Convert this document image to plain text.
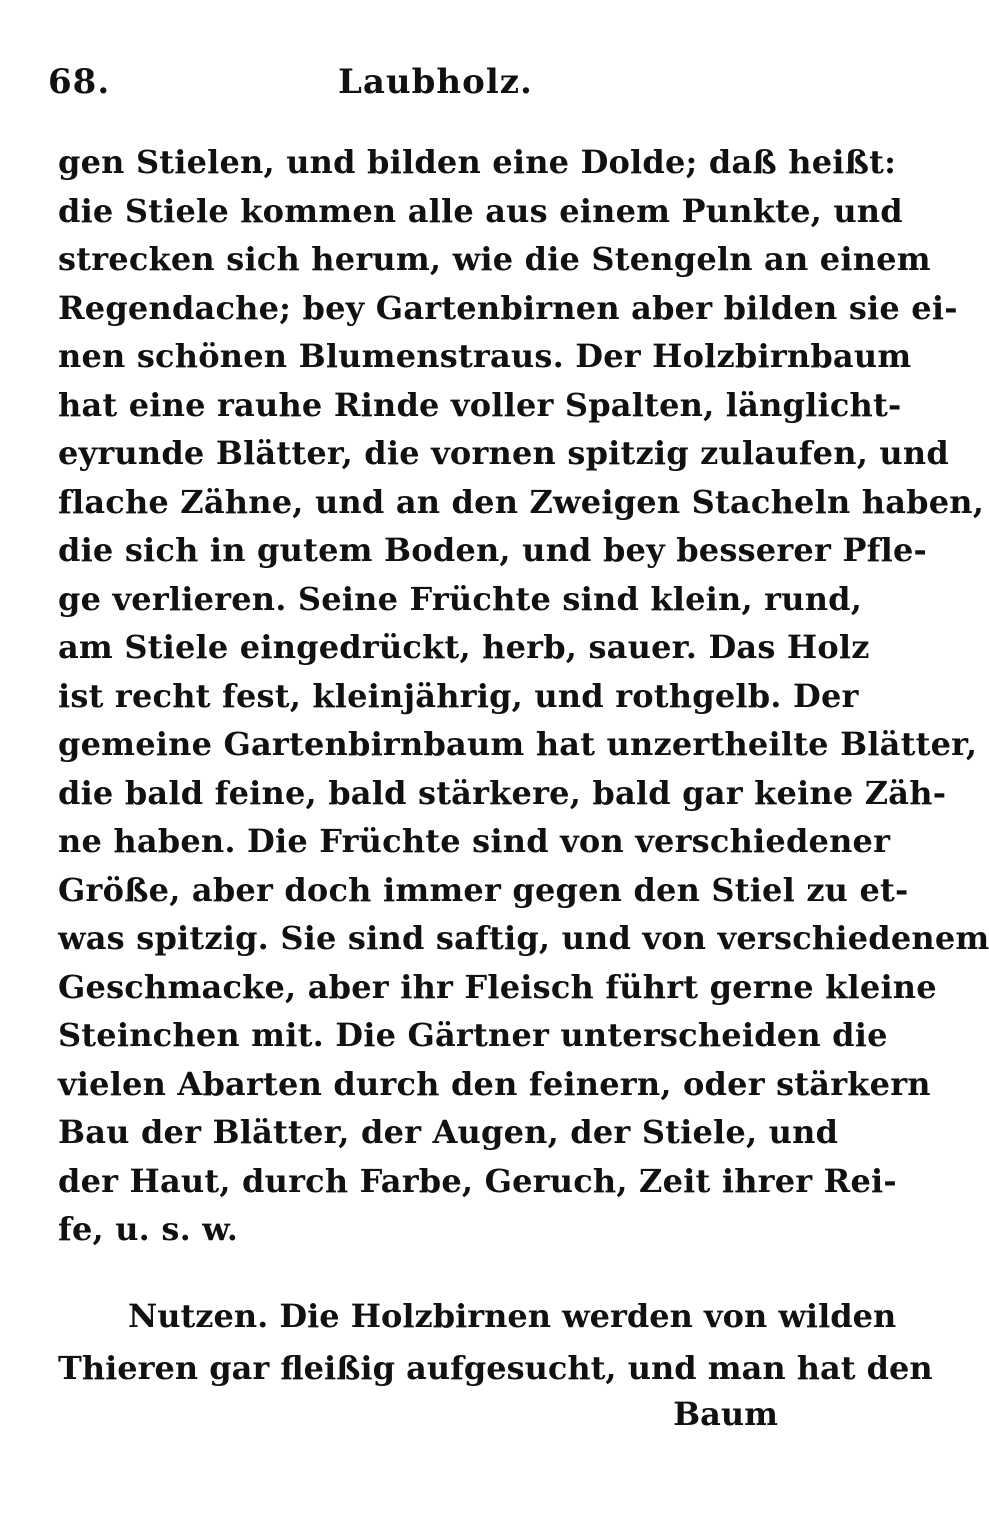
68.	Laubholz.
gen Stielen, und bilden eine Dolde; daß heißt:
die Stiele kommen alle aus einem Punkte, und
strecken sich herum, wie die Stengeln an einem
Regendache; bey Gartenbirnen aber bilden sie ei-
nen schönen Blumenstraus. Der Holzbirnbaum
hat eine rauhe Rinde voller Spalten, länglicht-
eyrunde Blätter, die vornen spitzig zulaufen, und
flache Zähne, und an den Zweigen Stacheln haben,
die sich in gutem Boden, und bey besserer Pfle-
ge verlieren. Seine Früchte sind klein, rund,
am Stiele eingedrückt, herb, sauer. Das Holz
ist recht fest, kleinjährig, und rothgelb. Der
gemeine Gartenbirnbaum hat unzertheilte Blätter,
die bald feine, bald stärkere, bald gar keine Zäh-
ne haben. Die Früchte sind von verschiedener
Größe, aber doch immer gegen den Stiel zu et-
was spitzig. Sie sind saftig, und von verschiedenem
Geschmacke, aber ihr Fleisch führt gerne kleine
Steinchen mit. Die Gärtner unterscheiden die
vielen Abarten durch den feinern, oder stärkern
Bau der Blätter, der Augen, der Stiele, und
der Haut, durch Farbe, Geruch, Zeit ihrer Rei-
fe, u. s. w.
Nutzen. Die Holzbirnen werden von wilden
Thieren gar fleißig aufgesucht, und man hat den
Baum
